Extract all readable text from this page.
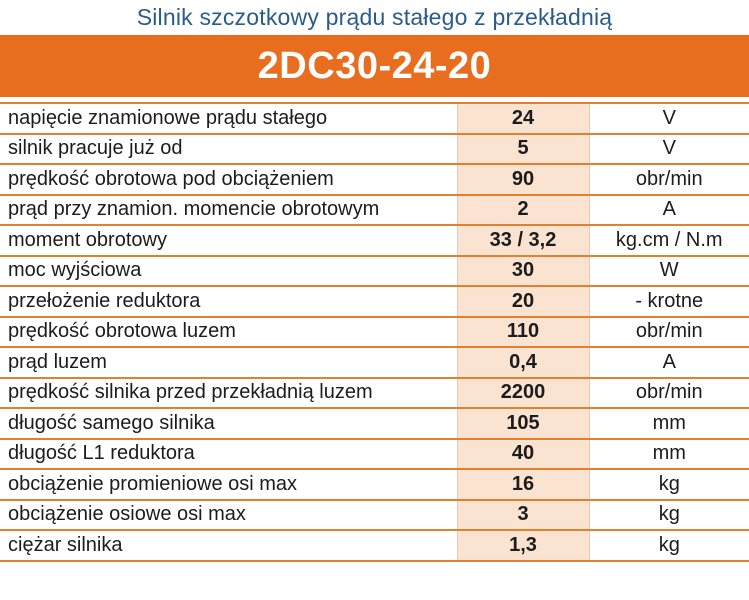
Silnik szczotkowy prądu stałego z przekładnią
2DC30-24-20
napięcie znamionowe prądu stałego	24	V
silnik pracuje już od	5	V
prędkość obrotowa pod obciążeniem	90	obr/min
prąd przy znamion. momencie obrotowym	2	A
moment obrotowy	33 / 3,2	kg.cm / N.m
moc wyjściowa	30	W
przełożenie reduktora	20	- krotne
prędkość obrotowa luzem	110	obr/min
prąd luzem	0,4	A
prędkość silnika przed przekładnią luzem	2200	obr/min
długość samego silnika	105	mm
długość L1 reduktora	40	mm
obciążenie promieniowe osi max	16	kg
obciążenie osiowe osi max	3	kg
ciężar silnika	1,3	kg
